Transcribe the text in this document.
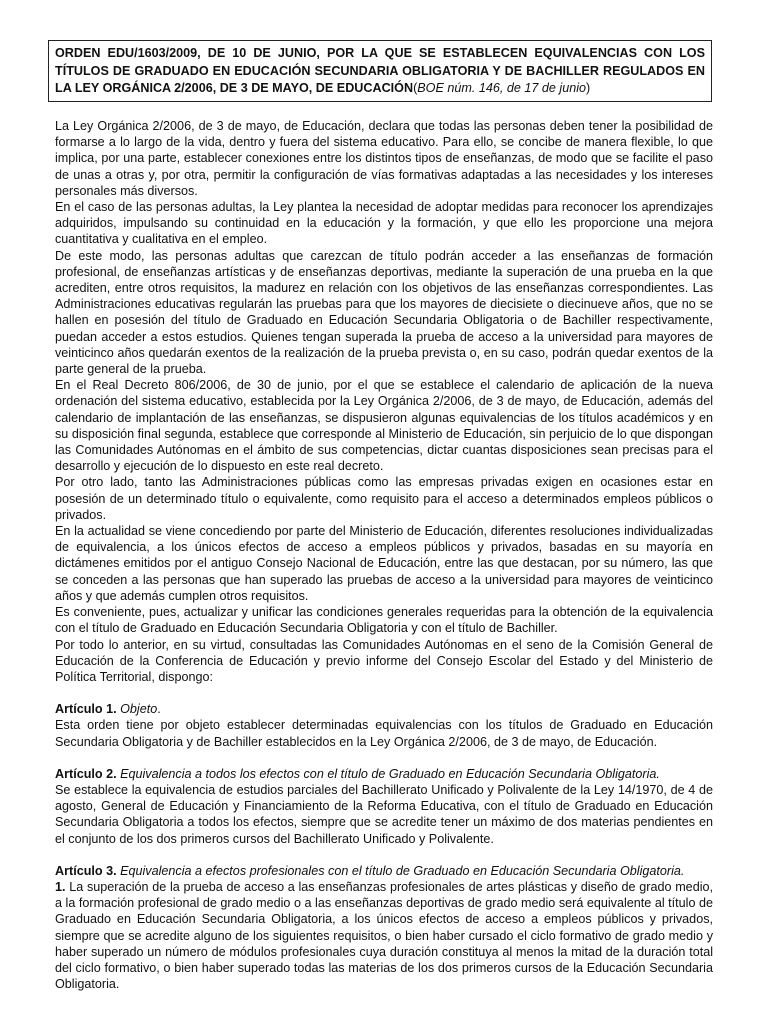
ORDEN EDU/1603/2009, DE 10 DE JUNIO, POR LA QUE SE ESTABLECEN EQUIVALENCIAS CON LOS TÍTULOS DE GRADUADO EN EDUCACIÓN SECUNDARIA OBLIGATORIA Y DE BACHILLER REGULADOS EN LA LEY ORGÁNICA 2/2006, DE 3 DE MAYO, DE EDUCACIÓN(BOE núm. 146, de 17 de junio)

La Ley Orgánica 2/2006, de 3 de mayo, de Educación, declara que todas las personas deben tener la posibilidad de formarse a lo largo de la vida, dentro y fuera del sistema educativo. Para ello, se concibe de manera flexible, lo que implica, por una parte, establecer conexiones entre los distintos tipos de enseñanzas, de modo que se facilite el paso de unas a otras y, por otra, permitir la configuración de vías formativas adaptadas a las necesidades y los intereses personales más diversos.

En el caso de las personas adultas, la Ley plantea la necesidad de adoptar medidas para reconocer los aprendizajes adquiridos, impulsando su continuidad en la educación y la formación, y que ello les proporcione una mejora cuantitativa y cualitativa en el empleo.

De este modo, las personas adultas que carezcan de título podrán acceder a las enseñanzas de formación profesional, de enseñanzas artísticas y de enseñanzas deportivas, mediante la superación de una prueba en la que acrediten, entre otros requisitos, la madurez en relación con los objetivos de las enseñanzas correspondientes. Las Administraciones educativas regularán las pruebas para que los mayores de diecisiete o diecinueve años, que no se hallen en posesión del título de Graduado en Educación Secundaria Obligatoria o de Bachiller respectivamente, puedan acceder a estos estudios. Quienes tengan superada la prueba de acceso a la universidad para mayores de veinticinco años quedarán exentos de la realización de la prueba prevista o, en su caso, podrán quedar exentos de la parte general de la prueba.

En el Real Decreto 806/2006, de 30 de junio, por el que se establece el calendario de aplicación de la nueva ordenación del sistema educativo, establecida por la Ley Orgánica 2/2006, de 3 de mayo, de Educación, además del calendario de implantación de las enseñanzas, se dispusieron algunas equivalencias de los títulos académicos y en su disposición final segunda, establece que corresponde al Ministerio de Educación, sin perjuicio de lo que dispongan las Comunidades Autónomas en el ámbito de sus competencias, dictar cuantas disposiciones sean precisas para el desarrollo y ejecución de lo dispuesto en este real decreto.

Por otro lado, tanto las Administraciones públicas como las empresas privadas exigen en ocasiones estar en posesión de un determinado título o equivalente, como requisito para el acceso a determinados empleos públicos o privados.

En la actualidad se viene concediendo por parte del Ministerio de Educación, diferentes resoluciones individualizadas de equivalencia, a los únicos efectos de acceso a empleos públicos y privados, basadas en su mayoría en dictámenes emitidos por el antiguo Consejo Nacional de Educación, entre las que destacan, por su número, las que se conceden a las personas que han superado las pruebas de acceso a la universidad para mayores de veinticinco años y que además cumplen otros requisitos.

Es conveniente, pues, actualizar y unificar las condiciones generales requeridas para la obtención de la equivalencia con el título de Graduado en Educación Secundaria Obligatoria y con el título de Bachiller.

Por todo lo anterior, en su virtud, consultadas las Comunidades Autónomas en el seno de la Comisión General de Educación de la Conferencia de Educación y previo informe del Consejo Escolar del Estado y del Ministerio de Política Territorial, dispongo:

Artículo 1. Objeto.

Esta orden tiene por objeto establecer determinadas equivalencias con los títulos de Graduado en Educación Secundaria Obligatoria y de Bachiller establecidos en la Ley Orgánica 2/2006, de 3 de mayo, de Educación.

Artículo 2. Equivalencia a todos los efectos con el título de Graduado en Educación Secundaria Obligatoria.

Se establece la equivalencia de estudios parciales del Bachillerato Unificado y Polivalente de la Ley 14/1970, de 4 de agosto, General de Educación y Financiamiento de la Reforma Educativa, con el título de Graduado en Educación Secundaria Obligatoria a todos los efectos, siempre que se acredite tener un máximo de dos materias pendientes en el conjunto de los dos primeros cursos del Bachillerato Unificado y Polivalente.

Artículo 3. Equivalencia a efectos profesionales con el título de Graduado en Educación Secundaria Obligatoria.

1. La superación de la prueba de acceso a las enseñanzas profesionales de artes plásticas y diseño de grado medio, a la formación profesional de grado medio o a las enseñanzas deportivas de grado medio será equivalente al título de Graduado en Educación Secundaria Obligatoria, a los únicos efectos de acceso a empleos públicos y privados, siempre que se acredite alguno de los siguientes requisitos, o bien haber cursado el ciclo formativo de grado medio y haber superado un número de módulos profesionales cuya duración constituya al menos la mitad de la duración total del ciclo formativo, o bien haber superado todas las materias de los dos primeros cursos de la Educación Secundaria Obligatoria.
